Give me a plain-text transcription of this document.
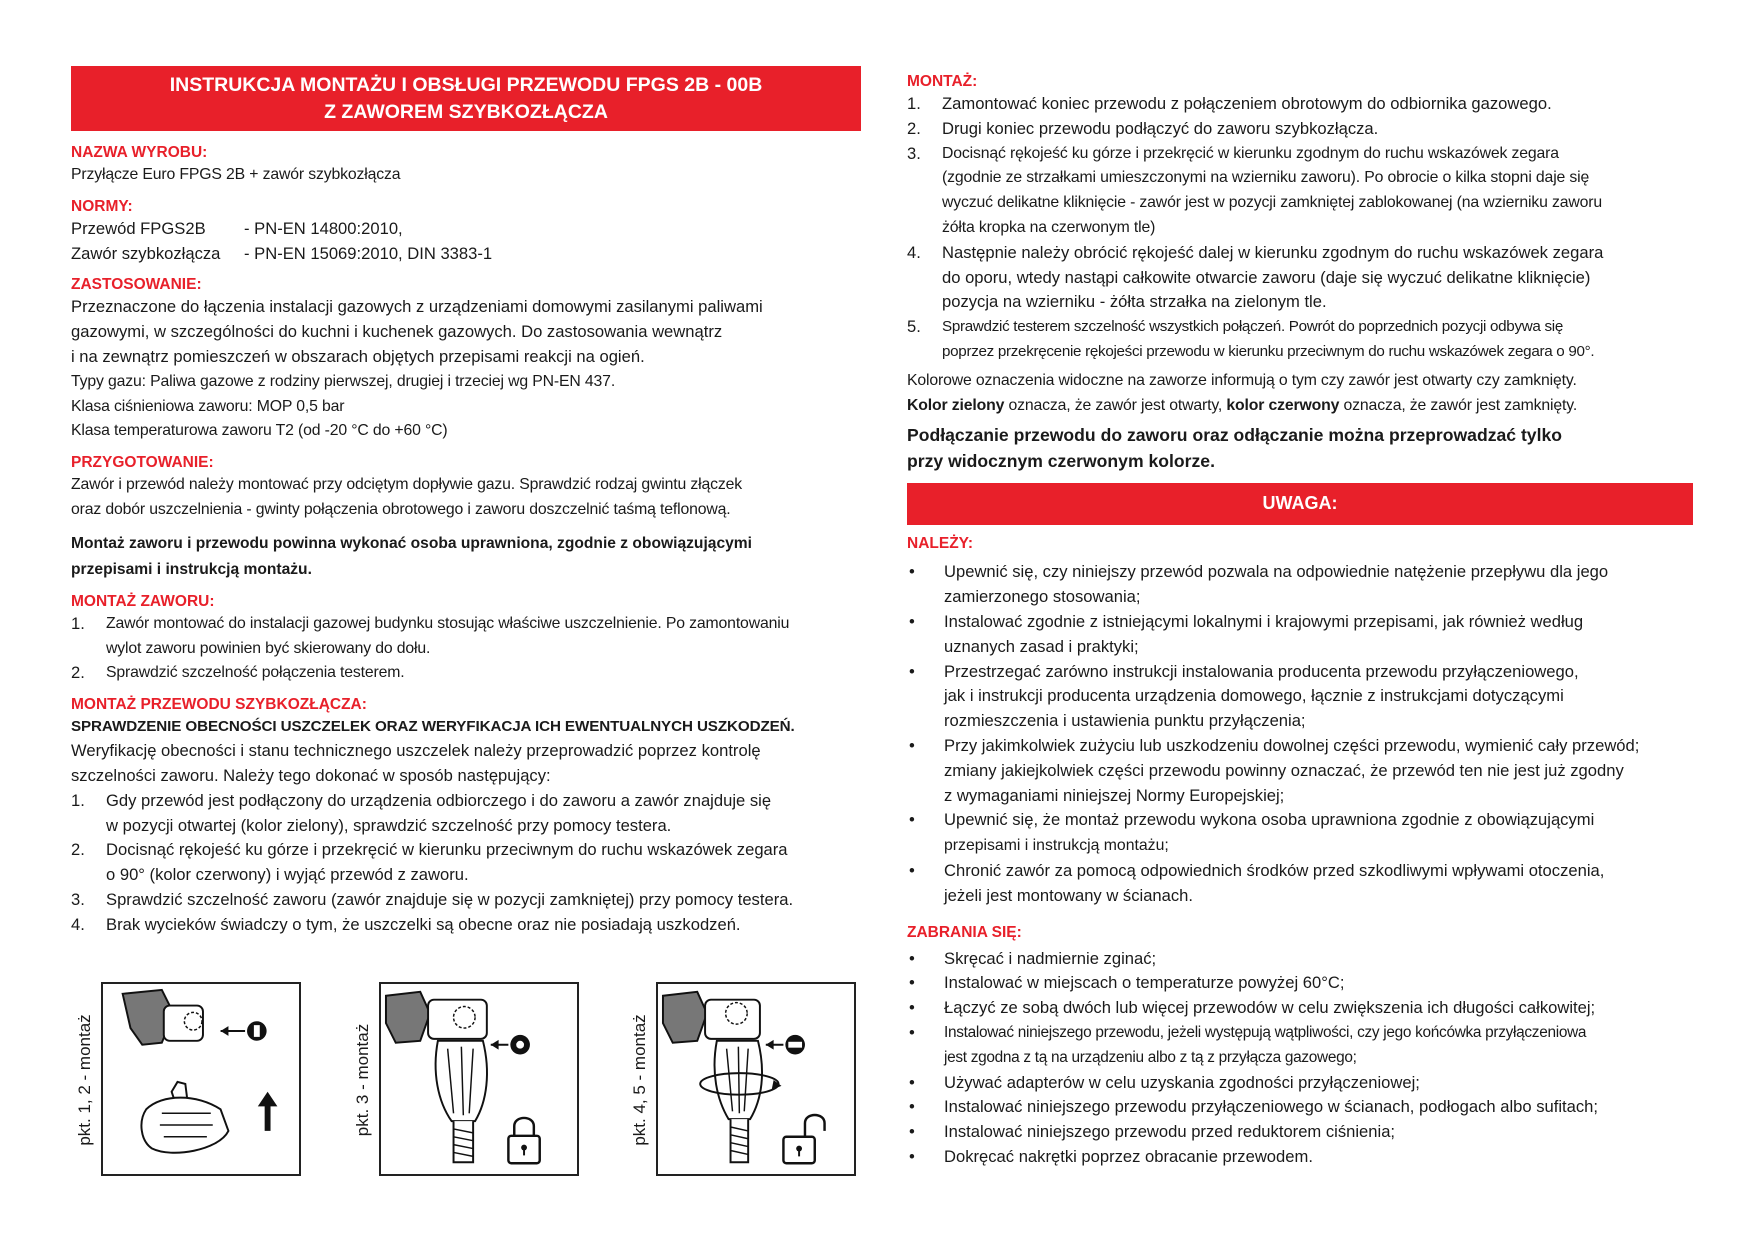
INSTRUKCJA MONTAŻU I OBSŁUGI PRZEWODU FPGS 2B - 00B
Z ZAWOREM SZYBKOZŁĄCZA
NAZWA WYROBU:

Przyłącze Euro FPGS 2B + zawór szybkozłącza

NORMY:
Przewód FPGS2B	- PN-EN 14800:2010,
Zawór szybkozłącza	- PN-EN 15069:2010, DIN 3383-1
ZASTOSOWANIE:

Przeznaczone do łączenia instalacji gazowych z urządzeniami domowymi zasilanymi paliwami

gazowymi, w szczególności do kuchni i kuchenek gazowych. Do zastosowania wewnątrz

i na zewnątrz pomieszczeń w obszarach objętych przepisami reakcji na ogień.

Typy gazu: Paliwa gazowe z rodziny pierwszej, drugiej i trzeciej wg PN-EN 437.

Klasa ciśnieniowa zaworu: MOP 0,5 bar

Klasa temperaturowa zaworu T2 (od -20 °C do +60 °C)

PRZYGOTOWANIE:

Zawór i przewód należy montować przy odciętym dopływie gazu. Sprawdzić rodzaj gwintu złączek

oraz dobór uszczelnienia - gwinty połączenia obrotowego i zaworu doszczelnić taśmą teflonową.

Montaż zaworu i przewodu powinna wykonać osoba uprawniona, zgodnie z obowiązującymi
przepisami i instrukcją montażu.
MONTAŻ ZAWORU:
1.	Zawór montować do instalacji gazowej budynku stosując właściwe uszczelnienie. Po zamontowaniu
wylot zaworu powinien być skierowany do dołu.
2.	Sprawdzić szczelność połączenia testerem.
MONTAŻ PRZEWODU SZYBKOZŁĄCZA:
SPRAWDZENIE OBECNOŚCI USZCZELEK ORAZ WERYFIKACJA ICH EWENTUALNYCH USZKODZEŃ.

Weryfikację obecności i stanu technicznego uszczelek należy przeprowadzić poprzez kontrolę

szczelności zaworu. Należy tego dokonać w sposób następujący:

1.	Gdy przewód jest podłączony do urządzenia odbiorczego i do zaworu a zawór znajduje się
w pozycji otwartej (kolor zielony), sprawdzić szczelność przy pomocy testera.
2.	Docisnąć rękojeść ku górze i przekręcić w kierunku przeciwnym do ruchu wskazówek zegara
o 90° (kolor czerwony) i wyjąć przewód z zaworu.
3.	Sprawdzić szczelność zaworu (zawór znajduje się w pozycji zamkniętej) przy pomocy testera.
4.	Brak wycieków świadczy o tym, że uszczelki są obecne oraz nie posiadają uszkodzeń.
pkt. 1, 2 - montaż	pkt. 3 - montaż	pkt. 4, 5 - montaż
MONTAŻ:
1.	Zamontować koniec przewodu z połączeniem obrotowym do odbiornika gazowego.
2.	Drugi koniec przewodu podłączyć do zaworu szybkozłącza.
3.	Docisnąć rękojeść ku górze i przekręcić w kierunku zgodnym do ruchu wskazówek zegara
(zgodnie ze strzałkami umieszczonymi na wzierniku zaworu). Po obrocie o kilka stopni daje się
wyczuć delikatne kliknięcie - zawór jest w pozycji zamkniętej zablokowanej (na wzierniku zaworu
żółta kropka na czerwonym tle)
4.	Następnie należy obrócić rękojeść dalej w kierunku zgodnym do ruchu wskazówek zegara
do oporu, wtedy nastąpi całkowite otwarcie zaworu (daje się wyczuć delikatne kliknięcie)
pozycja na wzierniku - żółta strzałka na zielonym tle.
5.	Sprawdzić testerem szczelność wszystkich połączeń. Powrót do poprzednich pozycji odbywa się
poprzez przekręcenie rękojeści przewodu w kierunku przeciwnym do ruchu wskazówek zegara o 90°.

Kolorowe oznaczenia widoczne na zaworze informują o tym czy zawór jest otwarty czy zamknięty.

Kolor zielony oznacza, że zawór jest otwarty, kolor czerwony oznacza, że zawór jest zamknięty.

Podłączanie przewodu do zaworu oraz odłączanie można przeprowadzać tylko
przy widocznym czerwonym kolorze.
UWAGA:
NALEŻY:
•	Upewnić się, czy niniejszy przewód pozwala na odpowiednie natężenie przepływu dla jego
zamierzonego stosowania;
•	Instalować zgodnie z istniejącymi lokalnymi i krajowymi przepisami, jak również według
uznanych zasad i praktyki;
•	Przestrzegać zarówno instrukcji instalowania producenta przewodu przyłączeniowego,
jak i instrukcji producenta urządzenia domowego, łącznie z instrukcjami dotyczącymi
rozmieszczenia i ustawienia punktu przyłączenia;
•	Przy jakimkolwiek zużyciu lub uszkodzeniu dowolnej części przewodu, wymienić cały przewód;
zmiany jakiejkolwiek części przewodu powinny oznaczać, że przewód ten nie jest już zgodny
z wymaganiami niniejszej Normy Europejskiej;
•	Upewnić się, że montaż przewodu wykona osoba uprawniona zgodnie z obowiązującymi
przepisami i instrukcją montażu;
•	Chronić zawór za pomocą odpowiednich środków przed szkodliwymi wpływami otoczenia,
jeżeli jest montowany w ścianach.
ZABRANIA SIĘ:
•	Skręcać i nadmiernie zginać;
•	Instalować w miejscach o temperaturze powyżej 60°C;
•	Łączyć ze sobą dwóch lub więcej przewodów w celu zwiększenia ich długości całkowitej;
•	Instalować niniejszego przewodu, jeżeli występują wątpliwości, czy jego końcówka przyłączeniowa
jest zgodna z tą na urządzeniu albo z tą z przyłącza gazowego;
•	Używać adapterów w celu uzyskania zgodności przyłączeniowej;
•	Instalować niniejszego przewodu przyłączeniowego w ścianach, podłogach albo sufitach;
•	Instalować niniejszego przewodu przed reduktorem ciśnienia;
•	Dokręcać nakrętki poprzez obracanie przewodem.
